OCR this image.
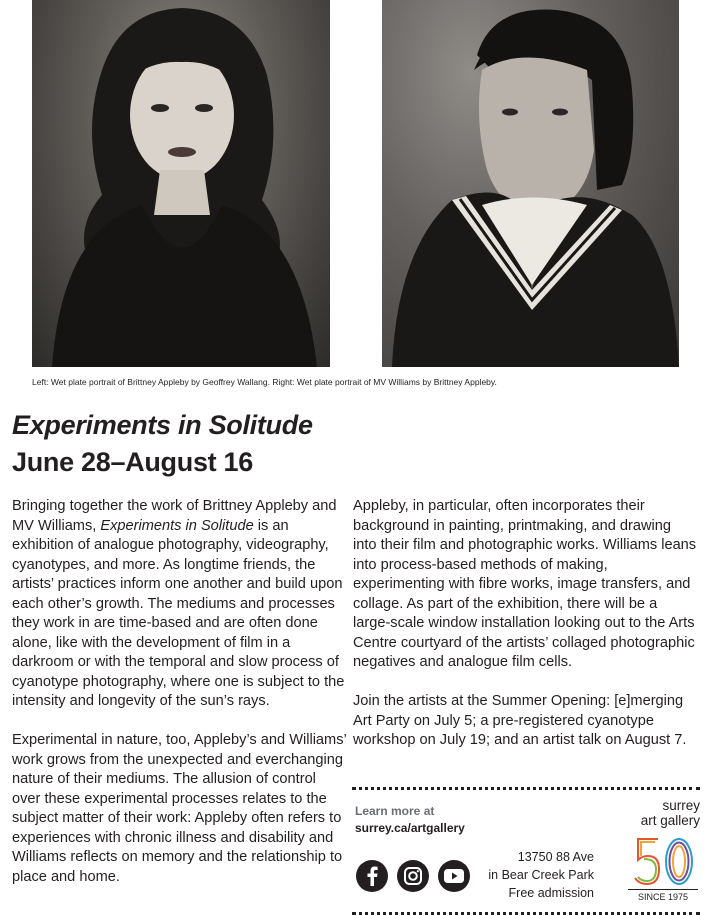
Left: Wet plate portrait of Brittney Appleby by Geoffrey Wallang. Right: Wet plate portrait of MV Williams by Brittney Appleby.
Experiments in Solitude
June 28–August 16

Bringing together the work of Brittney Appleby and MV Williams, Experiments in Solitude is an exhibition of analogue photography, videography, cyanotypes, and more. As longtime friends, the artists’ practices inform one another and build upon each other’s growth. The mediums and processes they work in are time-based and are often done alone, like with the development of film in a darkroom or with the temporal and slow process of cyanotype photography, where one is subject to the intensity and longevity of the sun’s rays.

Experimental in nature, too, Appleby’s and Williams’ work grows from the unexpected and everchanging nature of their mediums. The allusion of control over these experimental processes relates to the subject matter of their work: Appleby often refers to experiences with chronic illness and disability and Williams reflects on memory and the relationship to place and home.

Appleby, in particular, often incorporates their background in painting, printmaking, and drawing into their film and photographic works. Williams leans into process-based methods of making, experimenting with fibre works, image transfers, and collage. As part of the exhibition, there will be a large-scale window installation looking out to the Arts Centre courtyard of the artists’ collaged photographic negatives and analogue film cells.

Join the artists at the Summer Opening: [e]merging Art Party on July 5; a pre-registered cyanotype workshop on July 19; and an artist talk on August 7.

Learn more at
surrey.ca/artgallery
13750 88 Ave
in Bear Creek Park
Free admission
surrey
art gallery
SINCE 1975
